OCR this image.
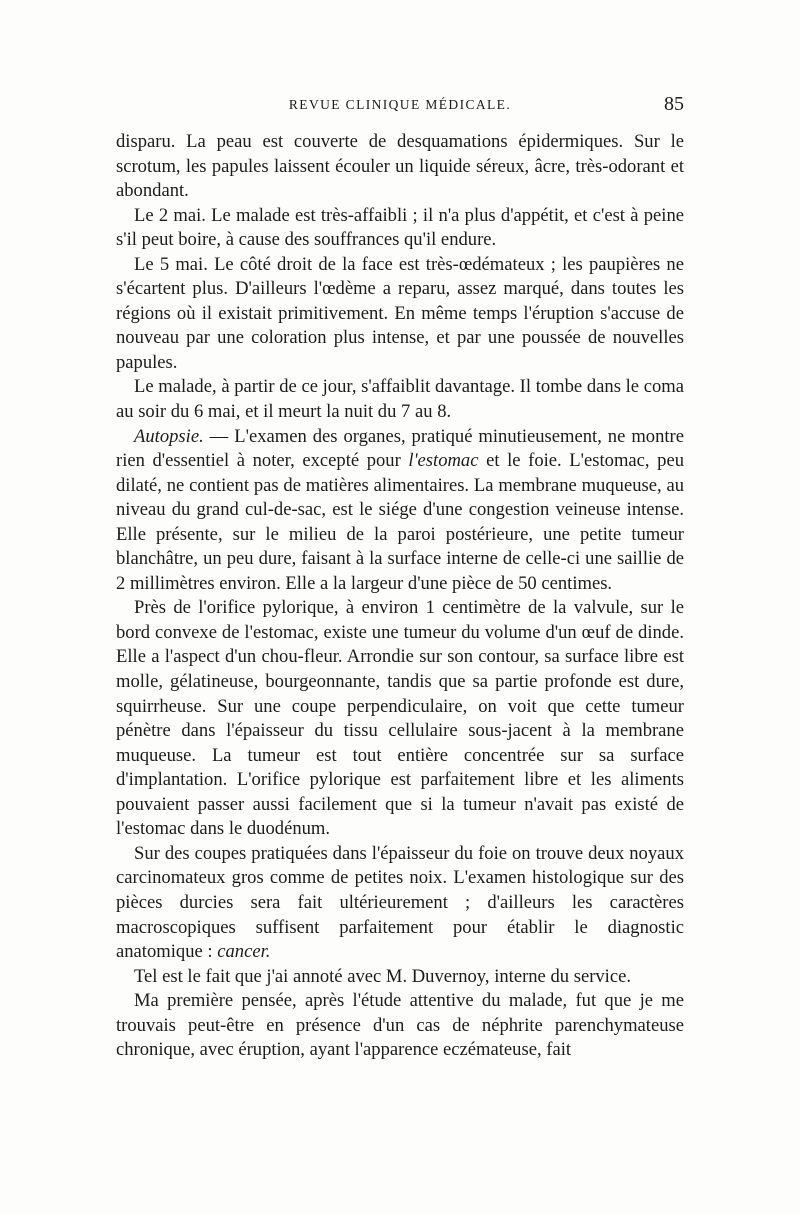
REVUE CLINIQUE MÉDICALE.	85

disparu. La peau est couverte de desquamations épidermiques. Sur le scrotum, les papules laissent écouler un liquide séreux, âcre, très-odorant et abondant.

Le 2 mai. Le malade est très-affaibli ; il n'a plus d'appétit, et c'est à peine s'il peut boire, à cause des souffrances qu'il endure.

Le 5 mai. Le côté droit de la face est très-œdémateux ; les paupières ne s'écartent plus. D'ailleurs l'œdème a reparu, assez marqué, dans toutes les régions où il existait primitivement. En même temps l'éruption s'accuse de nouveau par une coloration plus intense, et par une poussée de nouvelles papules.

Le malade, à partir de ce jour, s'affaiblit davantage. Il tombe dans le coma au soir du 6 mai, et il meurt la nuit du 7 au 8.

Autopsie. — L'examen des organes, pratiqué minutieusement, ne montre rien d'essentiel à noter, excepté pour l'estomac et le foie. L'estomac, peu dilaté, ne contient pas de matières alimentaires. La membrane muqueuse, au niveau du grand cul-de-sac, est le siége d'une congestion veineuse intense. Elle présente, sur le milieu de la paroi postérieure, une petite tumeur blanchâtre, un peu dure, faisant à la surface interne de celle-ci une saillie de 2 millimètres environ. Elle a la largeur d'une pièce de 50 centimes.

Près de l'orifice pylorique, à environ 1 centimètre de la valvule, sur le bord convexe de l'estomac, existe une tumeur du volume d'un œuf de dinde. Elle a l'aspect d'un chou-fleur. Arrondie sur son contour, sa surface libre est molle, gélatineuse, bourgeonnante, tandis que sa partie profonde est dure, squirrheuse. Sur une coupe perpendiculaire, on voit que cette tumeur pénètre dans l'épaisseur du tissu cellulaire sous-jacent à la membrane muqueuse. La tumeur est tout entière concentrée sur sa surface d'implantation. L'orifice pylorique est parfaitement libre et les aliments pouvaient passer aussi facilement que si la tumeur n'avait pas existé de l'estomac dans le duodénum.

Sur des coupes pratiquées dans l'épaisseur du foie on trouve deux noyaux carcinomateux gros comme de petites noix. L'examen histologique sur des pièces durcies sera fait ultérieurement ; d'ailleurs les caractères macroscopiques suffisent parfaitement pour établir le diagnostic anatomique : cancer.

Tel est le fait que j'ai annoté avec M. Duvernoy, interne du service.

Ma première pensée, après l'étude attentive du malade, fut que je me trouvais peut-être en présence d'un cas de néphrite parenchymateuse chronique, avec éruption, ayant l'apparence eczémateuse, fait
